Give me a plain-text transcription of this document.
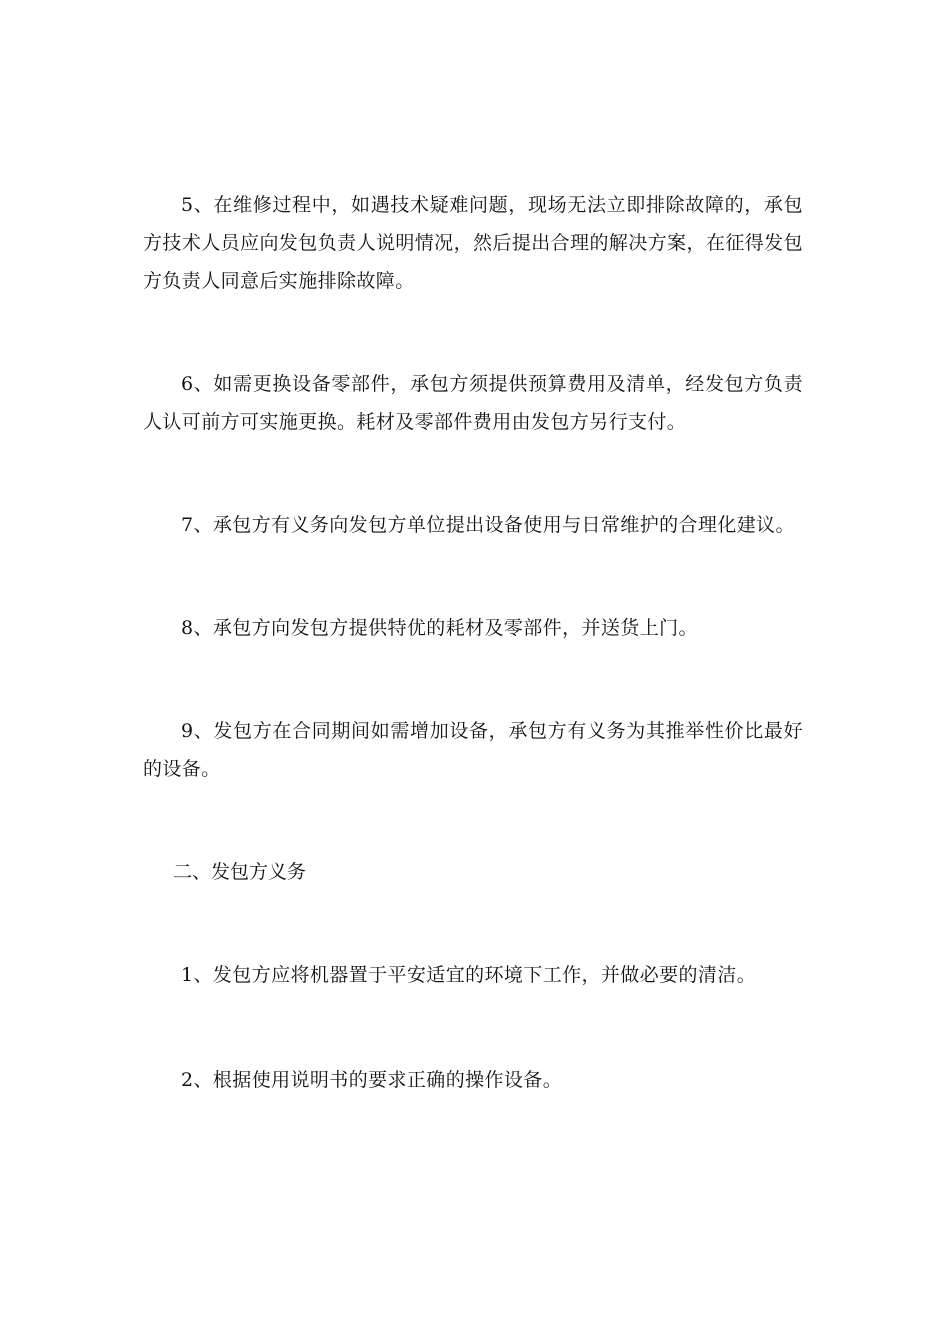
5、在维修过程中，如遇技术疑难问题，现场无法立即排除故障的，承包方技术人员应向发包负责人说明情况，然后提出合理的解决方案，在征得发包方负责人同意后实施排除故障。

6、如需更换设备零部件，承包方须提供预算费用及清单，经发包方负责人认可前方可实施更换。耗材及零部件费用由发包方另行支付。

7、承包方有义务向发包方单位提出设备使用与日常维护的合理化建议。

8、承包方向发包方提供特优的耗材及零部件，并送货上门。

9、发包方在合同期间如需增加设备，承包方有义务为其推举性价比最好的设备。

二、发包方义务

1、发包方应将机器置于平安适宜的环境下工作，并做必要的清洁。

2、根据使用说明书的要求正确的操作设备。
